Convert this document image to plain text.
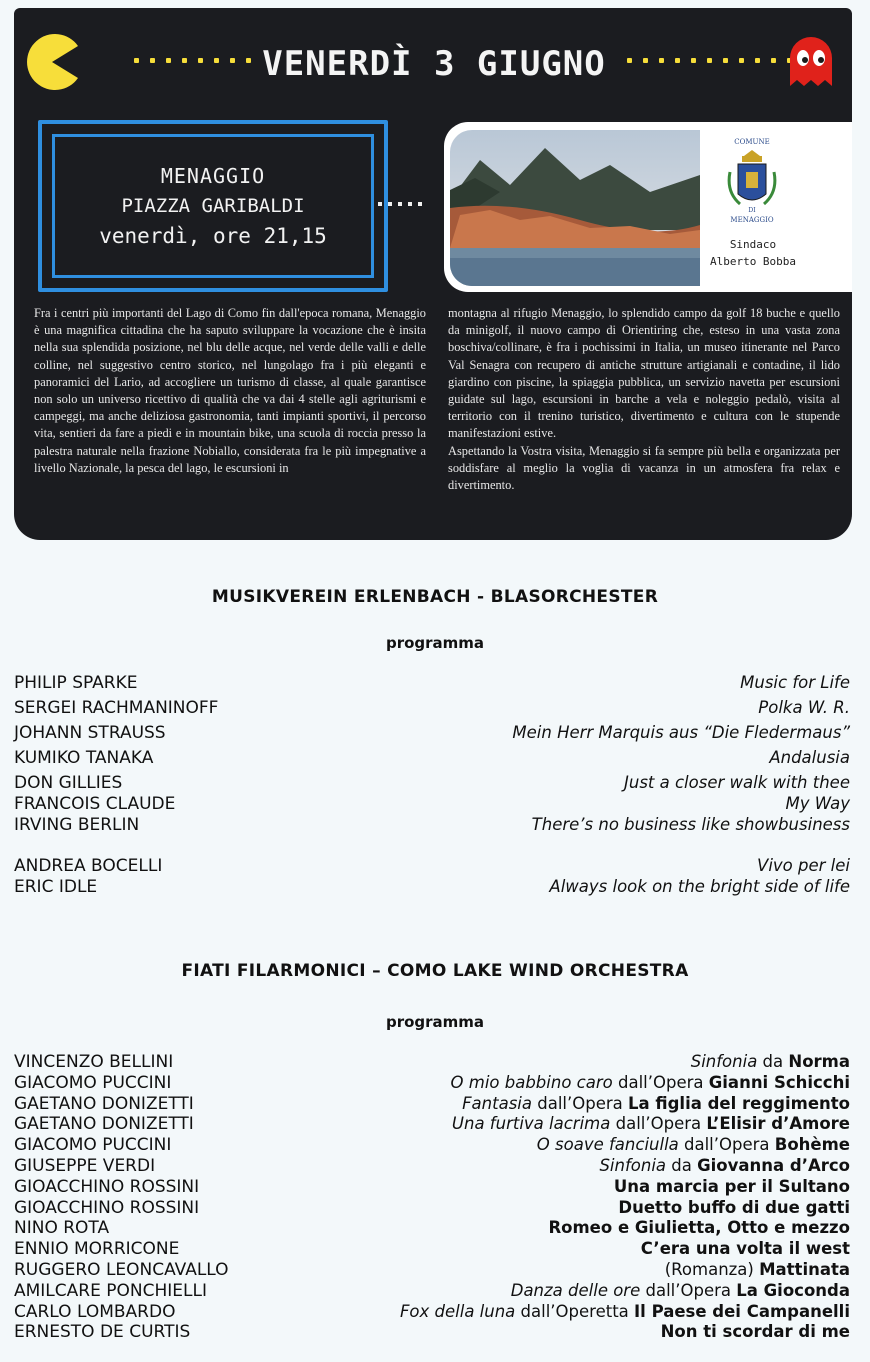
VENERDÌ 3 GIUGNO
MENAGGIO
PIAZZA GARIBALDI
venerdì, ore 21,15
COMUNE
DI
MENAGGIO
Sindaco
Alberto Bobba

Fra i centri più importanti del Lago di Como fin dall'epoca romana, Menaggio è una magnifica cittadina che ha saputo sviluppare la vocazione che è insita nella sua splendida posizione, nel blu delle acque, nel verde delle valli e delle colline, nel suggestivo centro storico, nel lungolago fra i più eleganti e panoramici del Lario, ad accogliere un turismo di classe, al quale garantisce non solo un universo ricettivo di qualità che va dai 4 stelle agli agriturismi e campeggi, ma anche deliziosa gastronomia, tanti impianti sportivi, il percorso vita, sentieri da fare a piedi e in mountain bike, una scuola di roccia presso la palestra naturale nella frazione Nobiallo, considerata fra le più impegnative a livello Nazionale, la pesca del lago, le escursioni in

montagna al rifugio Menaggio, lo splendido campo da golf 18 buche e quello da minigolf, il nuovo campo di Orientiring che, esteso in una vasta zona boschiva/collinare, è fra i pochissimi in Italia, un museo itinerante nel Parco Val Senagra con recupero di antiche strutture artigianali e contadine, il lido giardino con piscine, la spiaggia pubblica, un servizio navetta per escursioni guidate sul lago, escursioni in barche a vela e noleggio pedalò, visita al territorio con il trenino turistico, divertimento e cultura con le stupende manifestazioni estive.

Aspettando la Vostra visita, Menaggio si fa sempre più bella e organizzata per soddisfare al meglio la voglia di vacanza in un atmosfera fra relax e divertimento.

MUSIKVEREIN ERLENBACH - BLASORCHESTER
programma
PHILIP SPARKE	Music for Life
SERGEI RACHMANINOFF	Polka W. R.
JOHANN STRAUSS	Mein Herr Marquis aus “Die Fledermaus”
KUMIKO TANAKA	Andalusia
DON GILLIES	Just a closer walk with thee
FRANCOIS CLAUDE	My Way
IRVING BERLIN	There’s no business like showbusiness
ANDREA BOCELLI	Vivo per lei
ERIC IDLE	Always look on the bright side of life
FIATI FILARMONICI – COMO LAKE WIND ORCHESTRA
programma
VINCENZO BELLINI	Sinfonia da Norma
GIACOMO PUCCINI	O mio babbino caro dall’Opera Gianni Schicchi
GAETANO DONIZETTI	Fantasia dall’Opera La figlia del reggimento
GAETANO DONIZETTI	Una furtiva lacrima dall’Opera L’Elisir d’Amore
GIACOMO PUCCINI	O soave fanciulla dall’Opera Bohème
GIUSEPPE VERDI	Sinfonia da Giovanna d’Arco
GIOACCHINO ROSSINI	Una marcia per il Sultano
GIOACCHINO ROSSINI	Duetto buffo di due gatti
NINO ROTA	Romeo e Giulietta, Otto e mezzo
ENNIO MORRICONE	C’era una volta il west
RUGGERO LEONCAVALLO	(Romanza) Mattinata
AMILCARE PONCHIELLI	Danza delle ore dall’Opera La Gioconda
CARLO LOMBARDO	Fox della luna dall’Operetta Il Paese dei Campanelli
ERNESTO DE CURTIS	Non ti scordar di me
